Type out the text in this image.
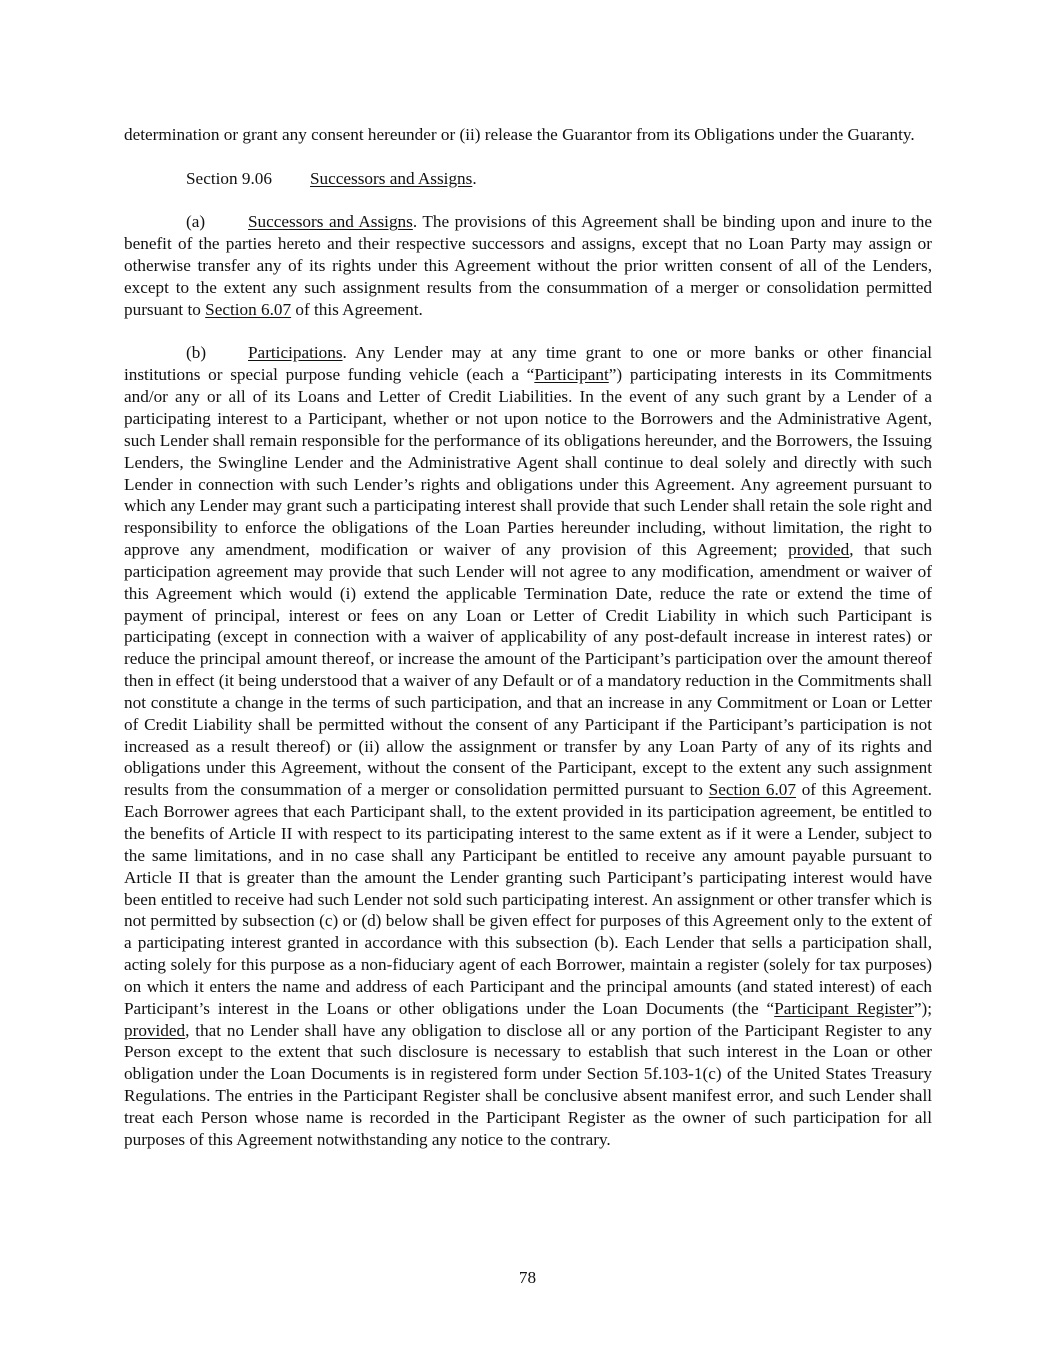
determination or grant any consent hereunder or (ii) release the Guarantor from its Obligations under the Guaranty.

Section 9.06 Successors and Assigns.

(a) Successors and Assigns. The provisions of this Agreement shall be binding upon and inure to the benefit of the parties hereto and their respective successors and assigns, except that no Loan Party may assign or otherwise transfer any of its rights under this Agreement without the prior written consent of all of the Lenders, except to the extent any such assignment results from the consummation of a merger or consolidation permitted pursuant to Section 6.07 of this Agreement.

(b) Participations. Any Lender may at any time grant to one or more banks or other financial institutions or special purpose funding vehicle (each a “Participant”) participating interests in its Commitments and/or any or all of its Loans and Letter of Credit Liabilities. In the event of any such grant by a Lender of a participating interest to a Participant, whether or not upon notice to the Borrowers and the Administrative Agent, such Lender shall remain responsible for the performance of its obligations hereunder, and the Borrowers, the Issuing Lenders, the Swingline Lender and the Administrative Agent shall continue to deal solely and directly with such Lender in connection with such Lender’s rights and obligations under this Agreement. Any agreement pursuant to which any Lender may grant such a participating interest shall provide that such Lender shall retain the sole right and responsibility to enforce the obligations of the Loan Parties hereunder including, without limitation, the right to approve any amendment, modification or waiver of any provision of this Agreement; provided, that such participation agreement may provide that such Lender will not agree to any modification, amendment or waiver of this Agreement which would (i) extend the applicable Termination Date, reduce the rate or extend the time of payment of principal, interest or fees on any Loan or Letter of Credit Liability in which such Participant is participating (except in connection with a waiver of applicability of any post-default increase in interest rates) or reduce the principal amount thereof, or increase the amount of the Participant’s participation over the amount thereof then in effect (it being understood that a waiver of any Default or of a mandatory reduction in the Commitments shall not constitute a change in the terms of such participation, and that an increase in any Commitment or Loan or Letter of Credit Liability shall be permitted without the consent of any Participant if the Participant’s participation is not increased as a result thereof) or (ii) allow the assignment or transfer by any Loan Party of any of its rights and obligations under this Agreement, without the consent of the Participant, except to the extent any such assignment results from the consummation of a merger or consolidation permitted pursuant to Section 6.07 of this Agreement. Each Borrower agrees that each Participant shall, to the extent provided in its participation agreement, be entitled to the benefits of Article II with respect to its participating interest to the same extent as if it were a Lender, subject to the same limitations, and in no case shall any Participant be entitled to receive any amount payable pursuant to Article II that is greater than the amount the Lender granting such Participant’s participating interest would have been entitled to receive had such Lender not sold such participating interest. An assignment or other transfer which is not permitted by subsection (c) or (d) below shall be given effect for purposes of this Agreement only to the extent of a participating interest granted in accordance with this subsection (b). Each Lender that sells a participation shall, acting solely for this purpose as a non-fiduciary agent of each Borrower, maintain a register (solely for tax purposes) on which it enters the name and address of each Participant and the principal amounts (and stated interest) of each Participant’s interest in the Loans or other obligations under the Loan Documents (the “Participant Register”); provided, that no Lender shall have any obligation to disclose all or any portion of the Participant Register to any Person except to the extent that such disclosure is necessary to establish that such interest in the Loan or other obligation under the Loan Documents is in registered form under Section 5f.103-1(c) of the United States Treasury Regulations. The entries in the Participant Register shall be conclusive absent manifest error, and such Lender shall treat each Person whose name is recorded in the Participant Register as the owner of such participation for all purposes of this Agreement notwithstanding any notice to the contrary.

78
